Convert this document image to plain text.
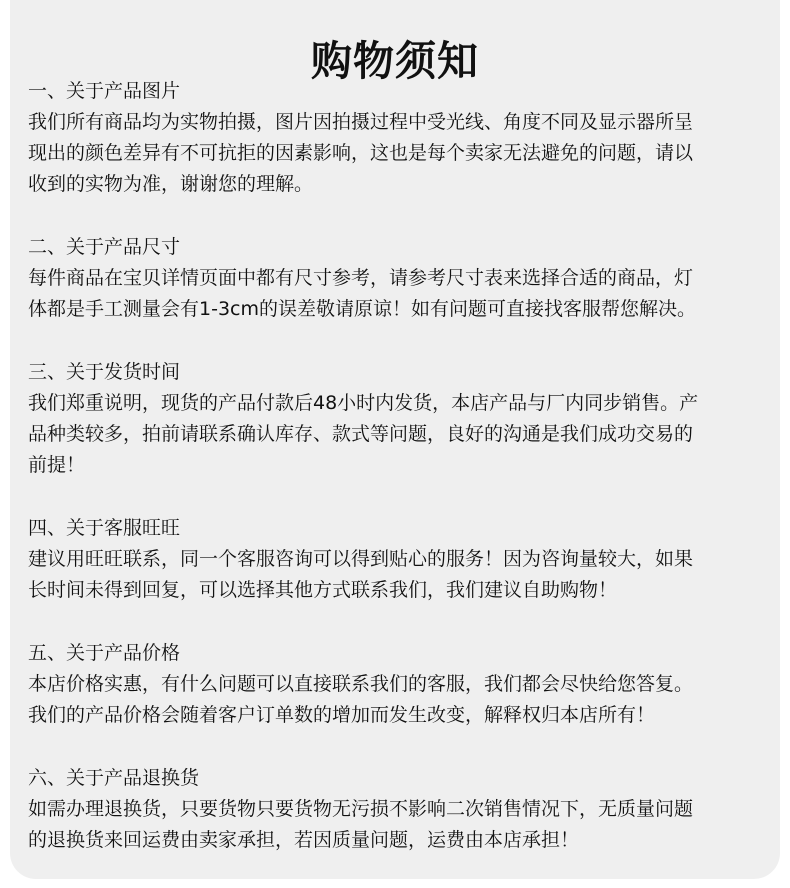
购物须知
一、关于产品图片
我们所有商品均为实物拍摄，图片因拍摄过程中受光线、角度不同及显示器所呈
现出的颜色差异有不可抗拒的因素影响，这也是每个卖家无法避免的问题，请以
收到的实物为准，谢谢您的理解。
二、关于产品尺寸
每件商品在宝贝详情页面中都有尺寸参考，请参考尺寸表来选择合适的商品，灯
体都是手工测量会有1-3cm的误差敬请原谅！如有问题可直接找客服帮您解决。
三、关于发货时间
我们郑重说明，现货的产品付款后48小时内发货，本店产品与厂内同步销售。产
品种类较多，拍前请联系确认库存、款式等问题，良好的沟通是我们成功交易的
前提！
四、关于客服旺旺
建议用旺旺联系，同一个客服咨询可以得到贴心的服务！因为咨询量较大，如果
长时间未得到回复，可以选择其他方式联系我们，我们建议自助购物！
五、关于产品价格
本店价格实惠，有什么问题可以直接联系我们的客服，我们都会尽快给您答复。
我们的产品价格会随着客户订单数的增加而发生改变，解释权归本店所有！
六、关于产品退换货
如需办理退换货，只要货物只要货物无污损不影响二次销售情况下，无质量问题
的退换货来回运费由卖家承担，若因质量问题，运费由本店承担！
